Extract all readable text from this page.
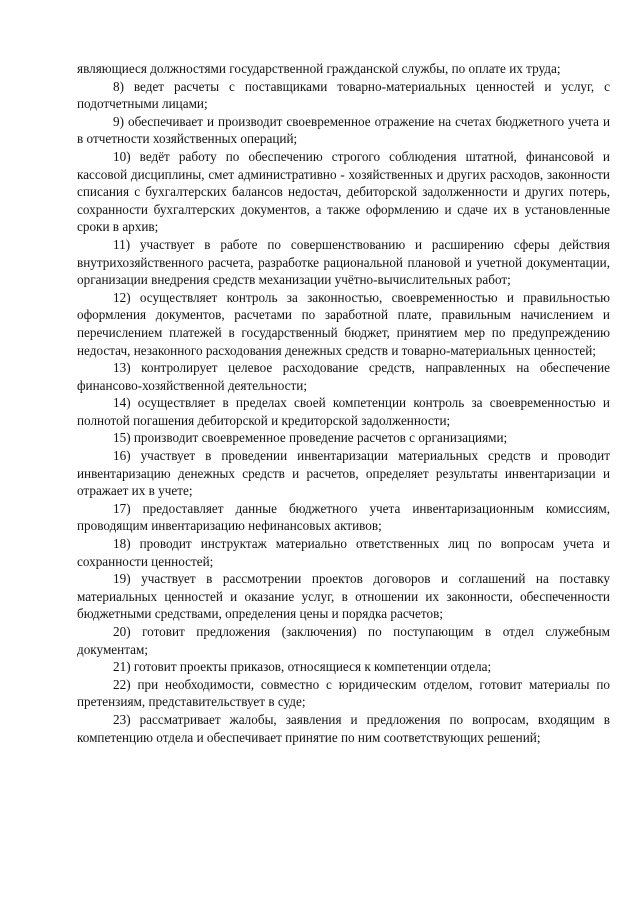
являющиеся должностями государственной гражданской службы, по оплате их труда;

8) ведет расчеты с поставщиками товарно-материальных ценностей и услуг, с подотчетными лицами;

9) обеспечивает и производит своевременное отражение на счетах бюджетного учета и в отчетности хозяйственных операций;

10) ведёт работу по обеспечению строгого соблюдения штатной, финансовой и кассовой дисциплины, смет административно - хозяйственных и других расходов, законности списания с бухгалтерских балансов недостач, дебиторской задолженности и других потерь, сохранности бухгалтерских документов, а также оформлению и сдаче их в установленные сроки в архив;

11) участвует в работе по совершенствованию и расширению сферы действия внутрихозяйственного расчета, разработке рациональной плановой и учетной документации, организации внедрения средств механизации учётно-вычислительных работ;

12) осуществляет контроль за законностью, своевременностью и правильностью оформления документов, расчетами по заработной плате, правильным начислением и перечислением платежей в государственный бюджет, принятием мер по предупреждению недостач, незаконного расходования денежных средств и товарно-материальных ценностей;

13) контролирует целевое расходование средств, направленных на обеспечение финансово-хозяйственной деятельности;

14) осуществляет в пределах своей компетенции контроль за своевременностью и полнотой погашения дебиторской и кредиторской задолженности;

15) производит своевременное проведение расчетов с организациями;

16) участвует в проведении инвентаризации материальных средств и проводит инвентаризацию денежных средств и расчетов, определяет результаты инвентаризации и отражает их в учете;

17) предоставляет данные бюджетного учета инвентаризационным комиссиям, проводящим инвентаризацию нефинансовых активов;

18) проводит инструктаж материально ответственных лиц по вопросам учета и сохранности ценностей;

19) участвует в рассмотрении проектов договоров и соглашений на поставку материальных ценностей и оказание услуг, в отношении их законности, обеспеченности бюджетными средствами, определения цены и порядка расчетов;

20) готовит предложения (заключения) по поступающим в отдел служебным документам;

21) готовит проекты приказов, относящиеся к компетенции отдела;

22) при необходимости, совместно с юридическим отделом, готовит материалы по претензиям, представительствует в суде;

23) рассматривает жалобы, заявления и предложения по вопросам, входящим в компетенцию отдела и обеспечивает принятие по ним соответствующих решений;
